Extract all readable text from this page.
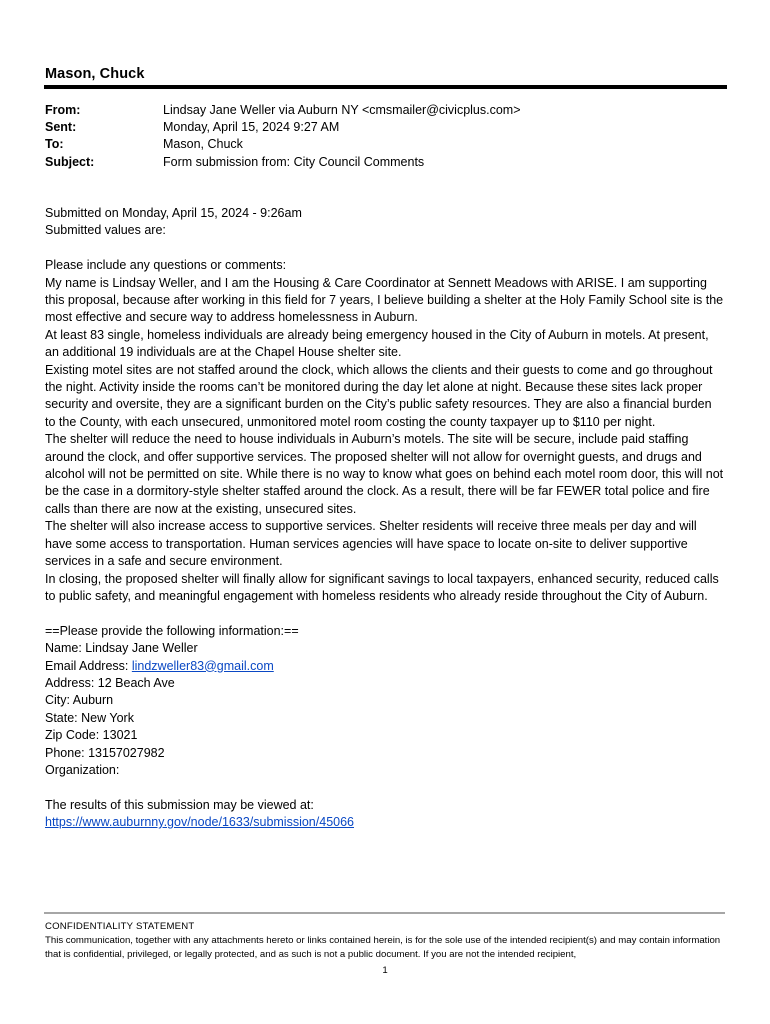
Mason, Chuck
From:	Lindsay Jane Weller via Auburn NY <cmsmailer@civicplus.com>
Sent:	Monday, April 15, 2024 9:27 AM
To:	Mason, Chuck
Subject:	Form submission from: City Council Comments

Submitted on Monday, April 15, 2024 - 9:26am

Submitted values are:

Please include any questions or comments:

My name is Lindsay Weller, and I am the Housing & Care Coordinator at Sennett Meadows with ARISE. I am supporting this proposal, because after working in this field for 7 years, I believe building a shelter at the Holy Family School site is the most effective and secure way to address homelessness in Auburn.

At least 83 single, homeless individuals are already being emergency housed in the City of Auburn in motels. At present, an additional 19 individuals are at the Chapel House shelter site.

Existing motel sites are not staffed around the clock, which allows the clients and their guests to come and go throughout the night. Activity inside the rooms can’t be monitored during the day let alone at night. Because these sites lack proper security and oversite, they are a significant burden on the City’s public safety resources. They are also a financial burden to the County, with each unsecured, unmonitored motel room costing the county taxpayer up to $110 per night.

The shelter will reduce the need to house individuals in Auburn’s motels. The site will be secure, include paid staffing around the clock, and offer supportive services. The proposed shelter will not allow for overnight guests, and drugs and alcohol will not be permitted on site. While there is no way to know what goes on behind each motel room door, this will not be the case in a dormitory-style shelter staffed around the clock. As a result, there will be far FEWER total police and fire calls than there are now at the existing, unsecured sites.

The shelter will also increase access to supportive services. Shelter residents will receive three meals per day and will have some access to transportation. Human services agencies will have space to locate on-site to deliver supportive services in a safe and secure environment.

In closing, the proposed shelter will finally allow for significant savings to local taxpayers, enhanced security, reduced calls to public safety, and meaningful engagement with homeless residents who already reside throughout the City of Auburn.

==Please provide the following information:==

Name: Lindsay Jane Weller

Email Address: lindzweller83@gmail.com

Address: 12 Beach Ave

City: Auburn

State: New York

Zip Code: 13021

Phone: 13157027982

Organization:

The results of this submission may be viewed at:

https://www.auburnny.gov/node/1633/submission/45066

CONFIDENTIALITY STATEMENT
This communication, together with any attachments hereto or links contained herein, is for the sole use of the intended recipient(s) and may contain information that is confidential, privileged, or legally protected, and as such is not a public document. If you are not the intended recipient,
1
